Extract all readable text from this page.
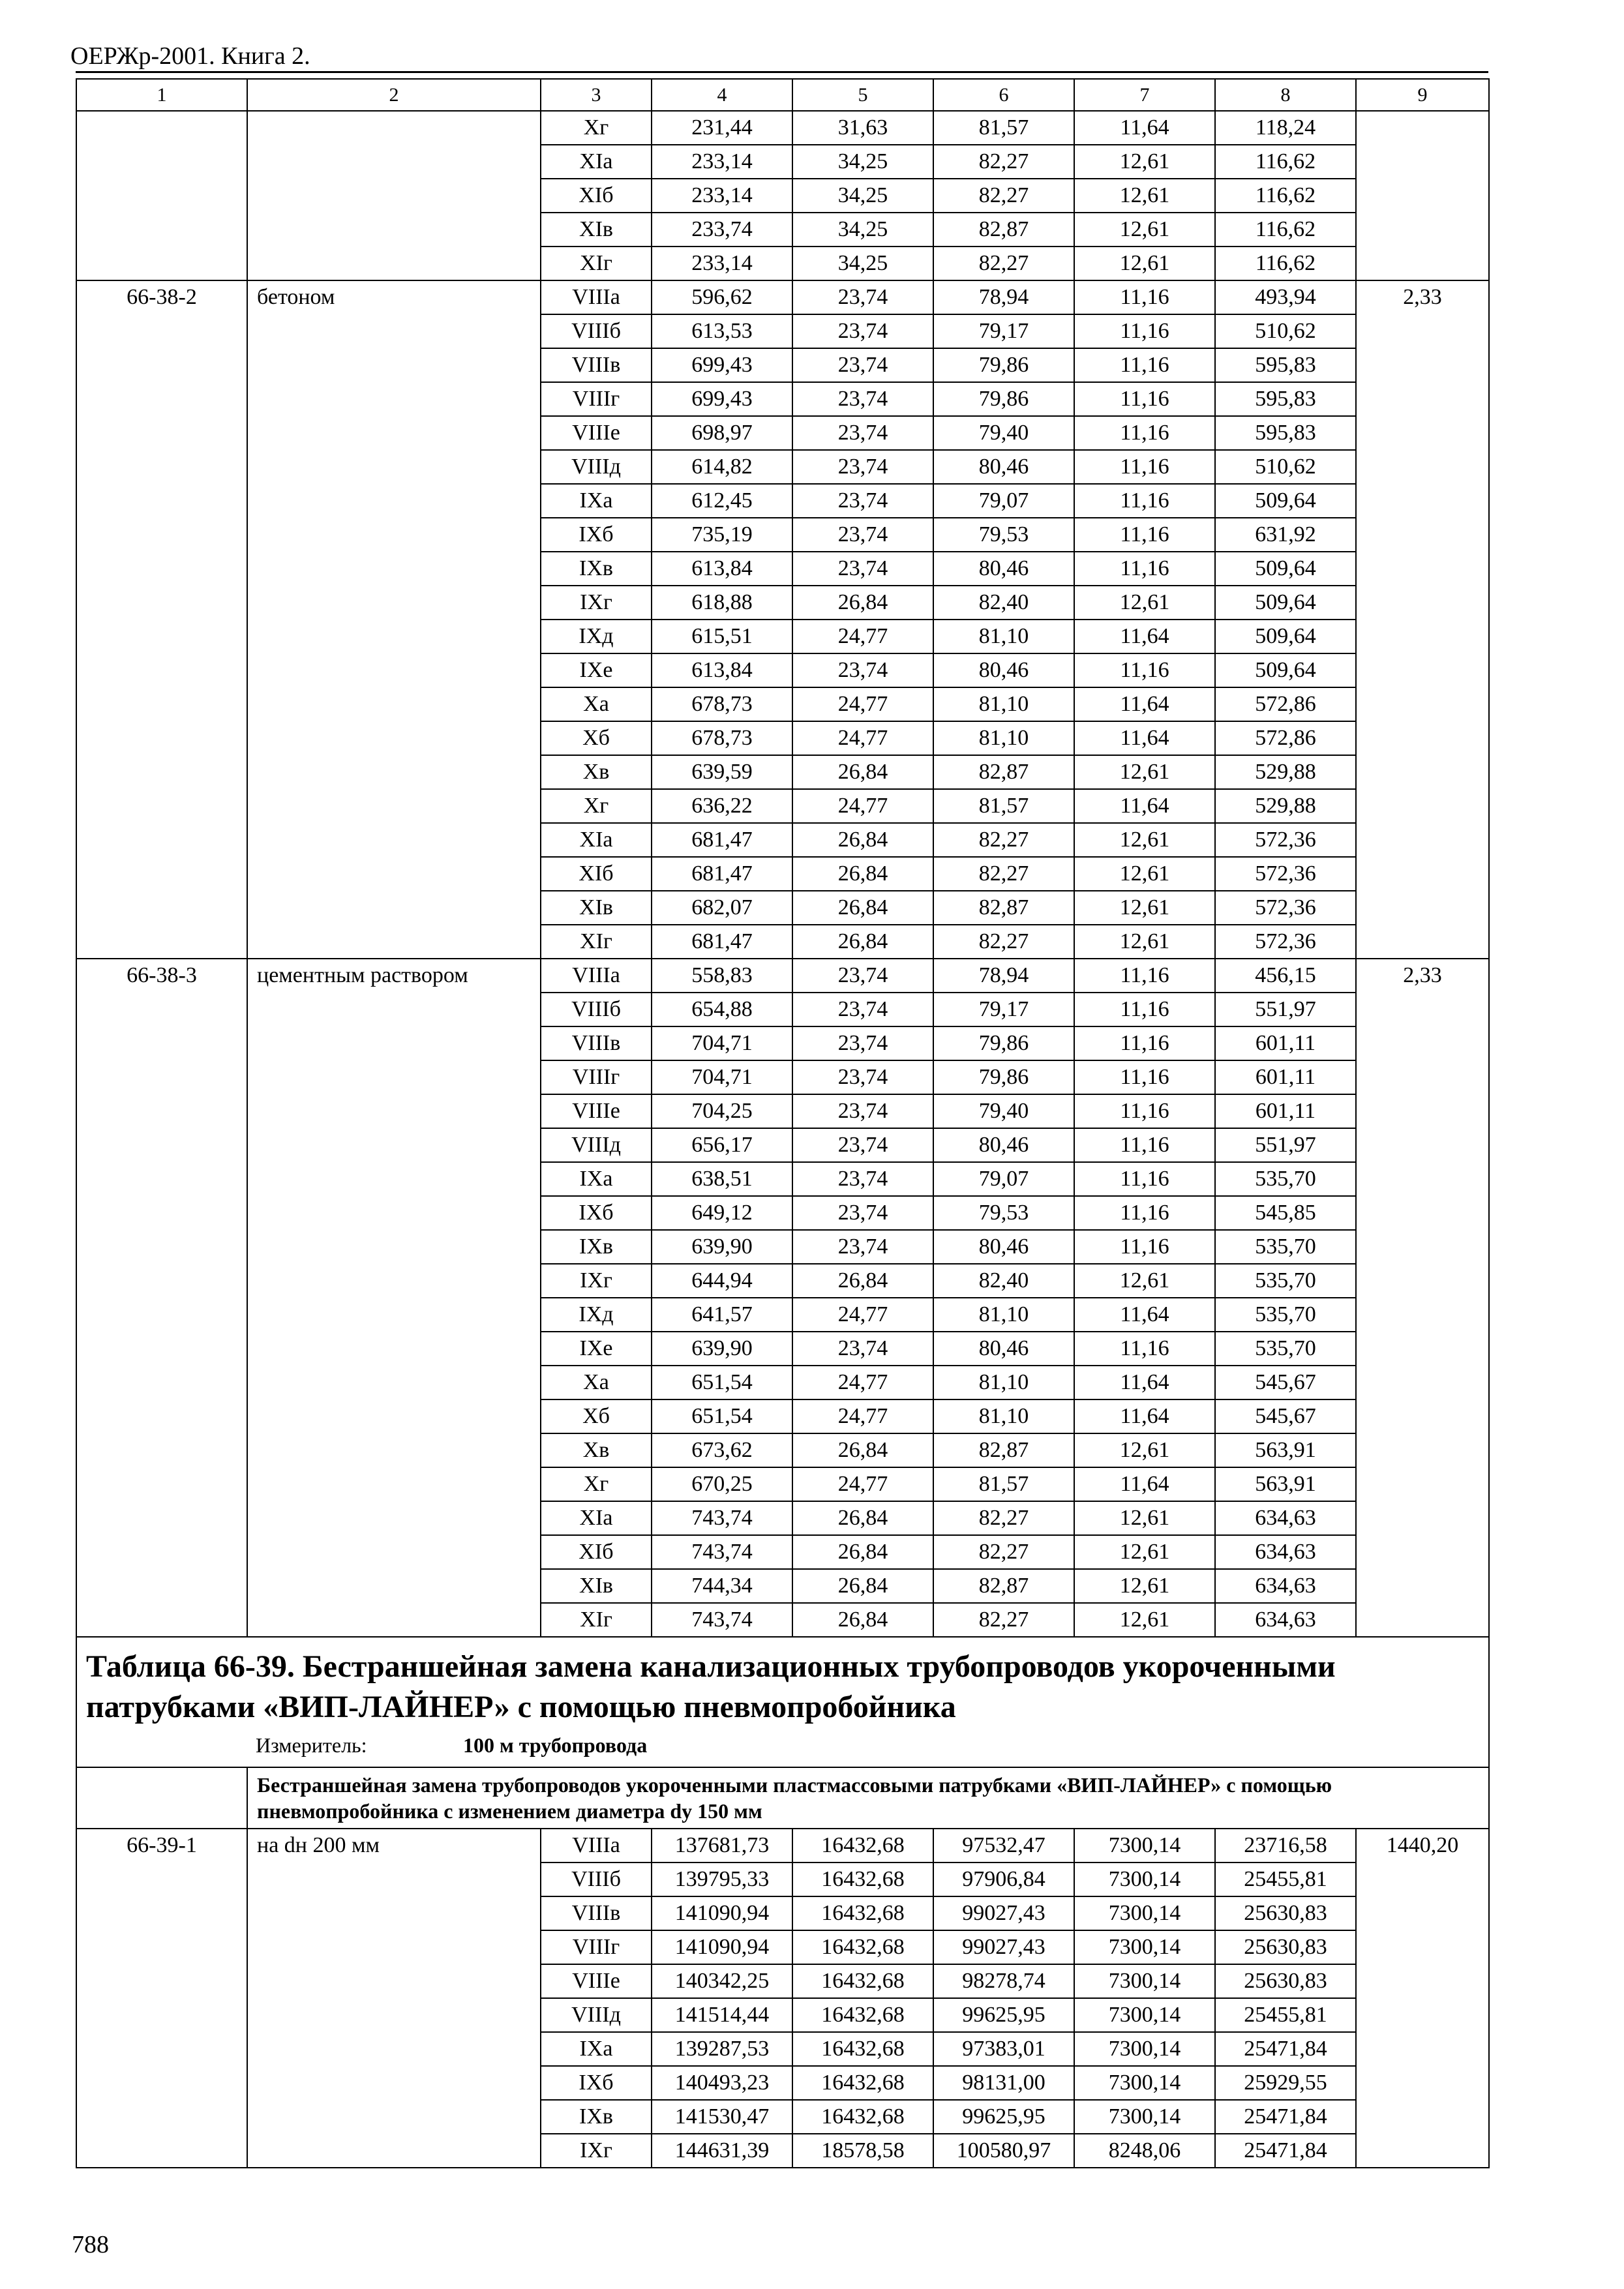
ОЕРЖр-2001. Книга 2.
1	2	3	4	5	6	7	8	9
		Xг	231,44	31,63	81,57	11,64	118,24	
		XIа	233,14	34,25	82,27	12,61	116,62	
		XIб	233,14	34,25	82,27	12,61	116,62	
		XIв	233,74	34,25	82,87	12,61	116,62	
		XIг	233,14	34,25	82,27	12,61	116,62	
66-38-2	бетоном	VIIIа	596,62	23,74	78,94	11,16	493,94	2,33
		VIIIб	613,53	23,74	79,17	11,16	510,62	
		VIIIв	699,43	23,74	79,86	11,16	595,83	
		VIIIг	699,43	23,74	79,86	11,16	595,83	
		VIIIе	698,97	23,74	79,40	11,16	595,83	
		VIIIд	614,82	23,74	80,46	11,16	510,62	
		IXа	612,45	23,74	79,07	11,16	509,64	
		IXб	735,19	23,74	79,53	11,16	631,92	
		IXв	613,84	23,74	80,46	11,16	509,64	
		IXг	618,88	26,84	82,40	12,61	509,64	
		IXд	615,51	24,77	81,10	11,64	509,64	
		IXе	613,84	23,74	80,46	11,16	509,64	
		Xа	678,73	24,77	81,10	11,64	572,86	
		Xб	678,73	24,77	81,10	11,64	572,86	
		Xв	639,59	26,84	82,87	12,61	529,88	
		Xг	636,22	24,77	81,57	11,64	529,88	
		XIа	681,47	26,84	82,27	12,61	572,36	
		XIб	681,47	26,84	82,27	12,61	572,36	
		XIв	682,07	26,84	82,87	12,61	572,36	
		XIг	681,47	26,84	82,27	12,61	572,36	
66-38-3	цементным раствором	VIIIа	558,83	23,74	78,94	11,16	456,15	2,33
		VIIIб	654,88	23,74	79,17	11,16	551,97	
		VIIIв	704,71	23,74	79,86	11,16	601,11	
		VIIIг	704,71	23,74	79,86	11,16	601,11	
		VIIIе	704,25	23,74	79,40	11,16	601,11	
		VIIIд	656,17	23,74	80,46	11,16	551,97	
		IXа	638,51	23,74	79,07	11,16	535,70	
		IXб	649,12	23,74	79,53	11,16	545,85	
		IXв	639,90	23,74	80,46	11,16	535,70	
		IXг	644,94	26,84	82,40	12,61	535,70	
		IXд	641,57	24,77	81,10	11,64	535,70	
		IXе	639,90	23,74	80,46	11,16	535,70	
		Xа	651,54	24,77	81,10	11,64	545,67	
		Xб	651,54	24,77	81,10	11,64	545,67	
		Xв	673,62	26,84	82,87	12,61	563,91	
		Xг	670,25	24,77	81,57	11,64	563,91	
		XIа	743,74	26,84	82,27	12,61	634,63	
		XIб	743,74	26,84	82,27	12,61	634,63	
		XIв	744,34	26,84	82,87	12,61	634,63	
		XIг	743,74	26,84	82,27	12,61	634,63	

Таблица 66-39. Бестраншейная замена канализационных трубопроводов укороченными патрубками «ВИП-ЛАЙНЕР» с помощью пневмопробойника
Измеритель: 100 м трубопровода								

	Бестраншейная замена трубопроводов укороченными пластмассовыми патрубками «ВИП-ЛАЙНЕР» с помощью пневмопробойника с изменением диаметра dу 150 мм							
66-39-1	на dн 200 мм	VIIIа	137681,73	16432,68	97532,47	7300,14	23716,58	1440,20
		VIIIб	139795,33	16432,68	97906,84	7300,14	25455,81	
		VIIIв	141090,94	16432,68	99027,43	7300,14	25630,83	
		VIIIг	141090,94	16432,68	99027,43	7300,14	25630,83	
		VIIIе	140342,25	16432,68	98278,74	7300,14	25630,83	
		VIIIд	141514,44	16432,68	99625,95	7300,14	25455,81	
		IXа	139287,53	16432,68	97383,01	7300,14	25471,84	
		IXб	140493,23	16432,68	98131,00	7300,14	25929,55	
		IXв	141530,47	16432,68	99625,95	7300,14	25471,84	
		IXг	144631,39	18578,58	100580,97	8248,06	25471,84	
788
